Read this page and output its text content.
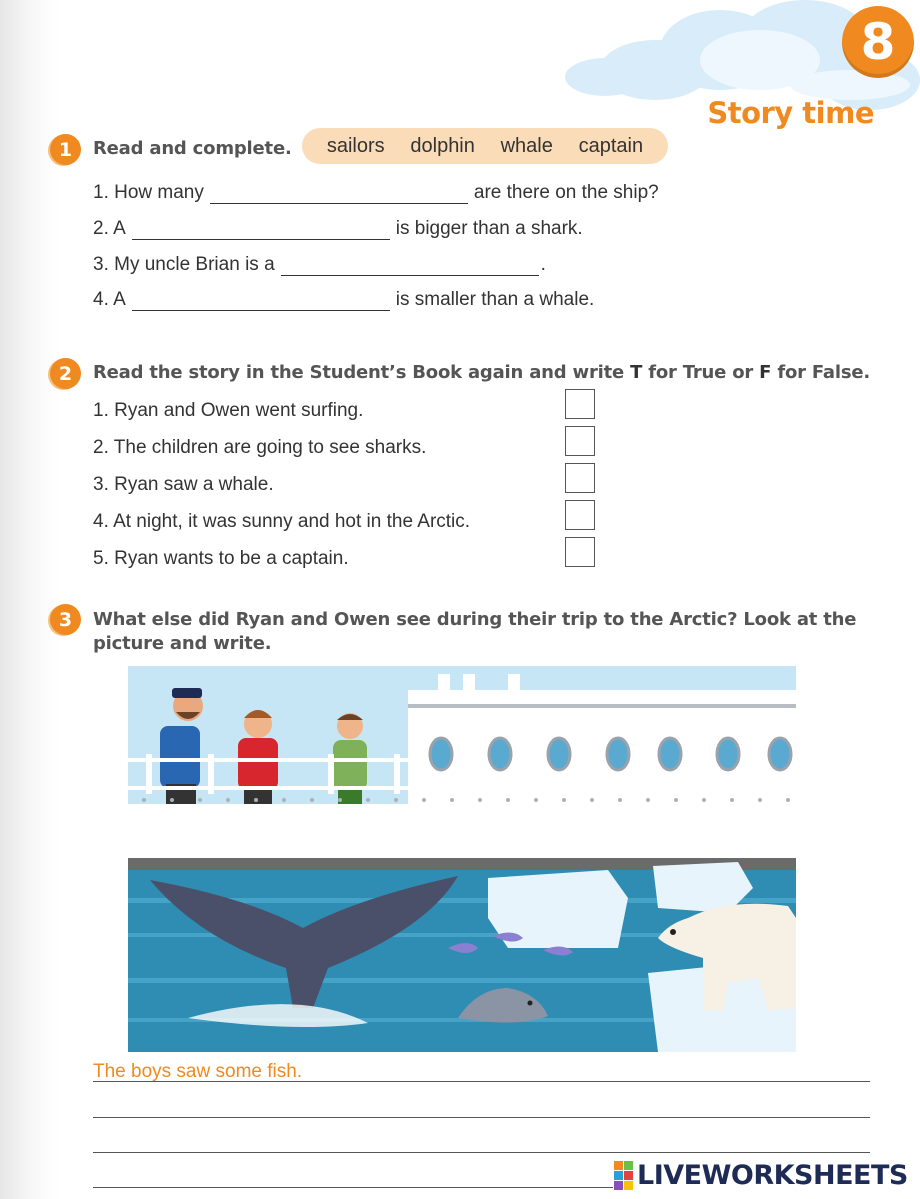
8
Story time
1	Read and complete. sailors dolphin whale captain
1. How many	are there on the ship?
2. A	is bigger than a shark.
3. My uncle Brian is a	.
4. A	is smaller than a whale.
2	Read the story in the Student’s Book again and write T for True or F for False.
1. Ryan and Owen went surfing.
2. The children are going to see sharks.
3. Ryan saw a whale.
4. At night, it was sunny and hot in the Arctic.
5. Ryan wants to be a captain.
3	What else did Ryan and Owen see during their trip to the Arctic? Look at the picture and write.
The boys saw some fish.
LIVEWORKSHEETS
